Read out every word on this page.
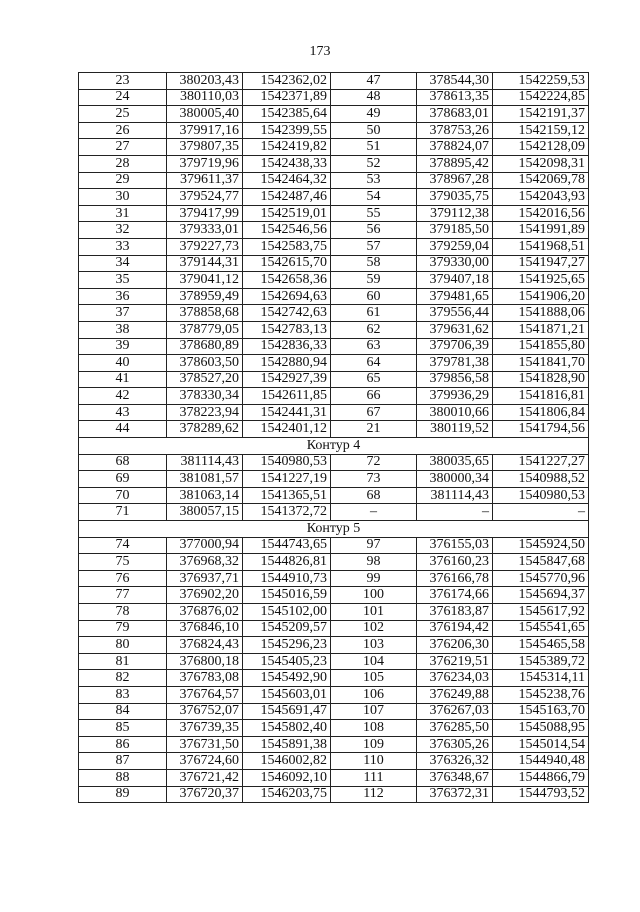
173
23	380203,43	1542362,02	47	378544,30	1542259,53
24	380110,03	1542371,89	48	378613,35	1542224,85
25	380005,40	1542385,64	49	378683,01	1542191,37
26	379917,16	1542399,55	50	378753,26	1542159,12
27	379807,35	1542419,82	51	378824,07	1542128,09
28	379719,96	1542438,33	52	378895,42	1542098,31
29	379611,37	1542464,32	53	378967,28	1542069,78
30	379524,77	1542487,46	54	379035,75	1542043,93
31	379417,99	1542519,01	55	379112,38	1542016,56
32	379333,01	1542546,56	56	379185,50	1541991,89
33	379227,73	1542583,75	57	379259,04	1541968,51
34	379144,31	1542615,70	58	379330,00	1541947,27
35	379041,12	1542658,36	59	379407,18	1541925,65
36	378959,49	1542694,63	60	379481,65	1541906,20
37	378858,68	1542742,63	61	379556,44	1541888,06
38	378779,05	1542783,13	62	379631,62	1541871,21
39	378680,89	1542836,33	63	379706,39	1541855,80
40	378603,50	1542880,94	64	379781,38	1541841,70
41	378527,20	1542927,39	65	379856,58	1541828,90
42	378330,34	1542611,85	66	379936,29	1541816,81
43	378223,94	1542441,31	67	380010,66	1541806,84
44	378289,62	1542401,12	21	380119,52	1541794,56
Контур 4					
68	381114,43	1540980,53	72	380035,65	1541227,27
69	381081,57	1541227,19	73	380000,34	1540988,52
70	381063,14	1541365,51	68	381114,43	1540980,53
71	380057,15	1541372,72	–	–	–
Контур 5					
74	377000,94	1544743,65	97	376155,03	1545924,50
75	376968,32	1544826,81	98	376160,23	1545847,68
76	376937,71	1544910,73	99	376166,78	1545770,96
77	376902,20	1545016,59	100	376174,66	1545694,37
78	376876,02	1545102,00	101	376183,87	1545617,92
79	376846,10	1545209,57	102	376194,42	1545541,65
80	376824,43	1545296,23	103	376206,30	1545465,58
81	376800,18	1545405,23	104	376219,51	1545389,72
82	376783,08	1545492,90	105	376234,03	1545314,11
83	376764,57	1545603,01	106	376249,88	1545238,76
84	376752,07	1545691,47	107	376267,03	1545163,70
85	376739,35	1545802,40	108	376285,50	1545088,95
86	376731,50	1545891,38	109	376305,26	1545014,54
87	376724,60	1546002,82	110	376326,32	1544940,48
88	376721,42	1546092,10	111	376348,67	1544866,79
89	376720,37	1546203,75	112	376372,31	1544793,52
